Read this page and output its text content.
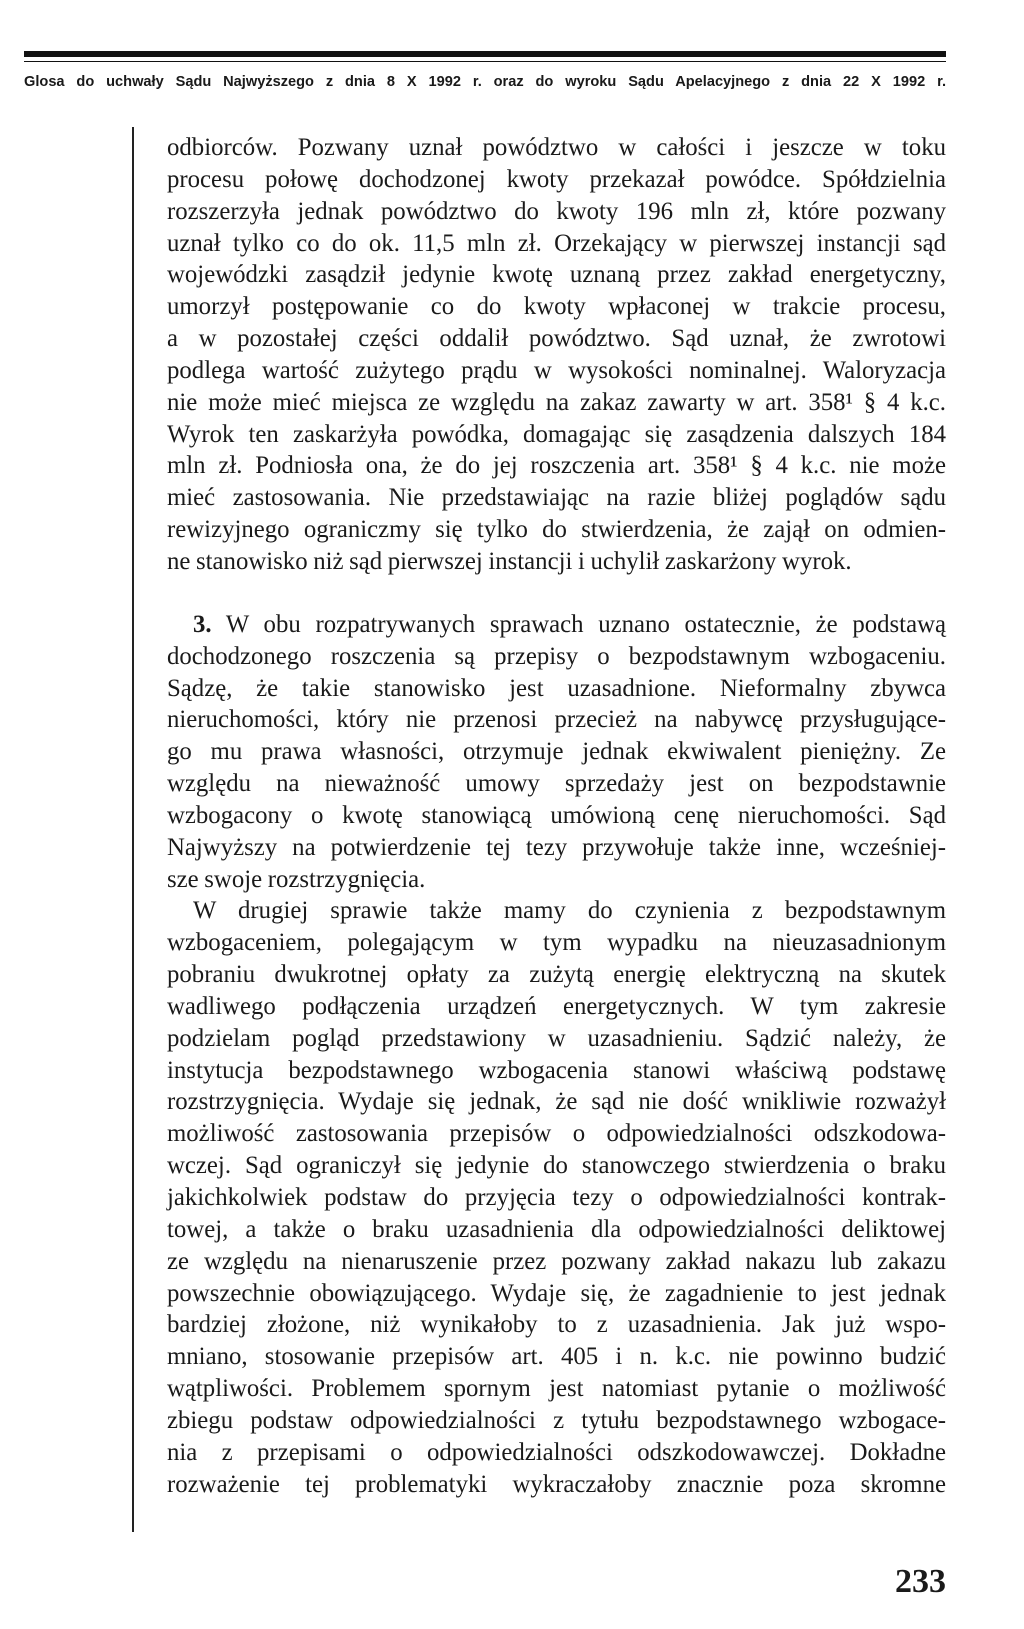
Glosa do uchwały Sądu Najwyższego z dnia 8 X 1992 r. oraz do wyroku Sądu Apelacyjnego z dnia 22 X 1992 r.
odbiorców. Pozwany uznał powództwo w całości i jeszcze w toku
procesu połowę dochodzonej kwoty przekazał powódce. Spółdzielnia
rozszerzyła jednak powództwo do kwoty 196 mln zł, które pozwany
uznał tylko co do ok. 11,5 mln zł. Orzekający w pierwszej instancji sąd
wojewódzki zasądził jedynie kwotę uznaną przez zakład energetyczny,
umorzył postępowanie co do kwoty wpłaconej w trakcie procesu,
a w pozostałej części oddalił powództwo. Sąd uznał, że zwrotowi
podlega wartość zużytego prądu w wysokości nominalnej. Waloryzacja
nie może mieć miejsca ze względu na zakaz zawarty w art. 358¹ § 4 k.c.
Wyrok ten zaskarżyła powódka, domagając się zasądzenia dalszych 184
mln zł. Podniosła ona, że do jej roszczenia art. 358¹ § 4 k.c. nie może
mieć zastosowania. Nie przedstawiając na razie bliżej poglądów sądu
rewizyjnego ograniczmy się tylko do stwierdzenia, że zajął on odmien-
ne stanowisko niż sąd pierwszej instancji i uchylił zaskarżony wyrok.
3. W obu rozpatrywanych sprawach uznano ostatecznie, że podstawą
dochodzonego roszczenia są przepisy o bezpodstawnym wzbogaceniu.
Sądzę, że takie stanowisko jest uzasadnione. Nieformalny zbywca
nieruchomości, który nie przenosi przecież na nabywcę przysługujące-
go mu prawa własności, otrzymuje jednak ekwiwalent pieniężny. Ze
względu na nieważność umowy sprzedaży jest on bezpodstawnie
wzbogacony o kwotę stanowiącą umówioną cenę nieruchomości. Sąd
Najwyższy na potwierdzenie tej tezy przywołuje także inne, wcześniej-
sze swoje rozstrzygnięcia.
W drugiej sprawie także mamy do czynienia z bezpodstawnym
wzbogaceniem, polegającym w tym wypadku na nieuzasadnionym
pobraniu dwukrotnej opłaty za zużytą energię elektryczną na skutek
wadliwego podłączenia urządzeń energetycznych. W tym zakresie
podzielam pogląd przedstawiony w uzasadnieniu. Sądzić należy, że
instytucja bezpodstawnego wzbogacenia stanowi właściwą podstawę
rozstrzygnięcia. Wydaje się jednak, że sąd nie dość wnikliwie rozważył
możliwość zastosowania przepisów o odpowiedzialności odszkodowa-
wczej. Sąd ograniczył się jedynie do stanowczego stwierdzenia o braku
jakichkolwiek podstaw do przyjęcia tezy o odpowiedzialności kontrak-
towej, a także o braku uzasadnienia dla odpowiedzialności deliktowej
ze względu na nienaruszenie przez pozwany zakład nakazu lub zakazu
powszechnie obowiązującego. Wydaje się, że zagadnienie to jest jednak
bardziej złożone, niż wynikałoby to z uzasadnienia. Jak już wspo-
mniano, stosowanie przepisów art. 405 i n. k.c. nie powinno budzić
wątpliwości. Problemem spornym jest natomiast pytanie o możliwość
zbiegu podstaw odpowiedzialności z tytułu bezpodstawnego wzbogace-
nia z przepisami o odpowiedzialności odszkodowawczej. Dokładne
rozważenie tej problematyki wykraczałoby znacznie poza skromne
233
